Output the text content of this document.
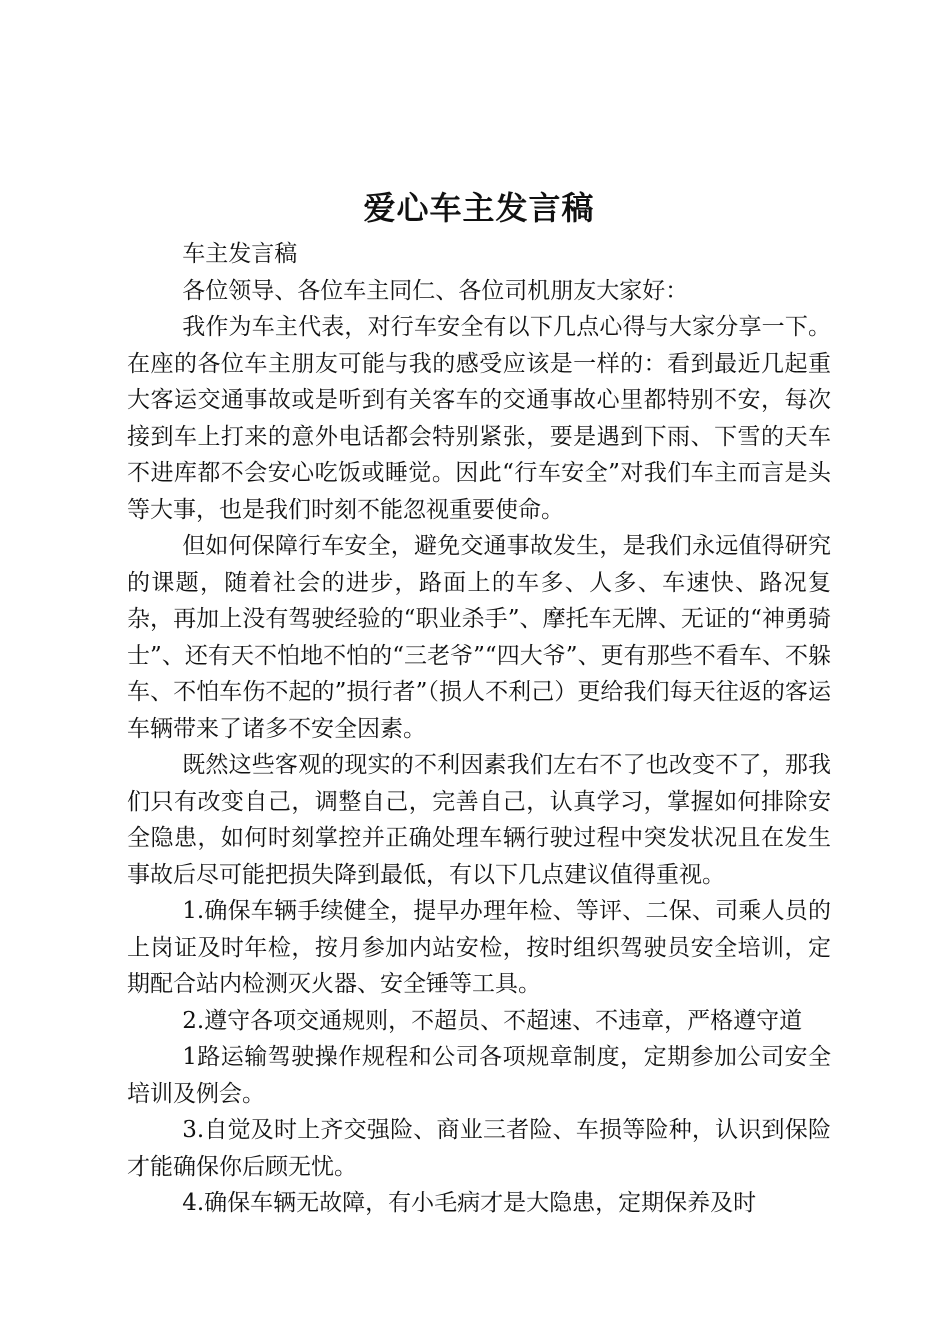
爱心车主发言稿

车主发言稿

各位领导、各位车主同仁、各位司机朋友大家好：

我作为车主代表，对行车安全有以下几点心得与大家分享一下。在座的各位车主朋友可能与我的感受应该是一样的：看到最近几起重大客运交通事故或是听到有关客车的交通事故心里都特别不安，每次接到车上打来的意外电话都会特别紧张，要是遇到下雨、下雪的天车不进库都不会安心吃饭或睡觉。因此“行车安全”对我们车主而言是头等大事，也是我们时刻不能忽视重要使命。

但如何保障行车安全，避免交通事故发生，是我们永远值得研究的课题，随着社会的进步，路面上的车多、人多、车速快、路况复杂，再加上没有驾驶经验的“职业杀手”、摩托车无牌、无证的“神勇骑士”、还有天不怕地不怕的“三老爷”“四大爷”、更有那些不看车、不躲车、不怕车伤不起的”损行者”（损人不利己）更给我们每天往返的客运车辆带来了诸多不安全因素。

既然这些客观的现实的不利因素我们左右不了也改变不了，那我们只有改变自己，调整自己，完善自己，认真学习，掌握如何排除安全隐患，如何时刻掌控并正确处理车辆行驶过程中突发状况且在发生事故后尽可能把损失降到最低，有以下几点建议值得重视。

1.确保车辆手续健全，提早办理年检、等评、二保、司乘人员的上岗证及时年检，按月参加内站安检，按时组织驾驶员安全培训，定期配合站内检测灭火器、安全锤等工具。

2.遵守各项交通规则，不超员、不超速、不违章，严格遵守道

1路运输驾驶操作规程和公司各项规章制度，定期参加公司安全培训及例会。

3.自觉及时上齐交强险、商业三者险、车损等险种，认识到保险才能确保你后顾无忧。

4.确保车辆无故障，有小毛病才是大隐患，定期保养及时
